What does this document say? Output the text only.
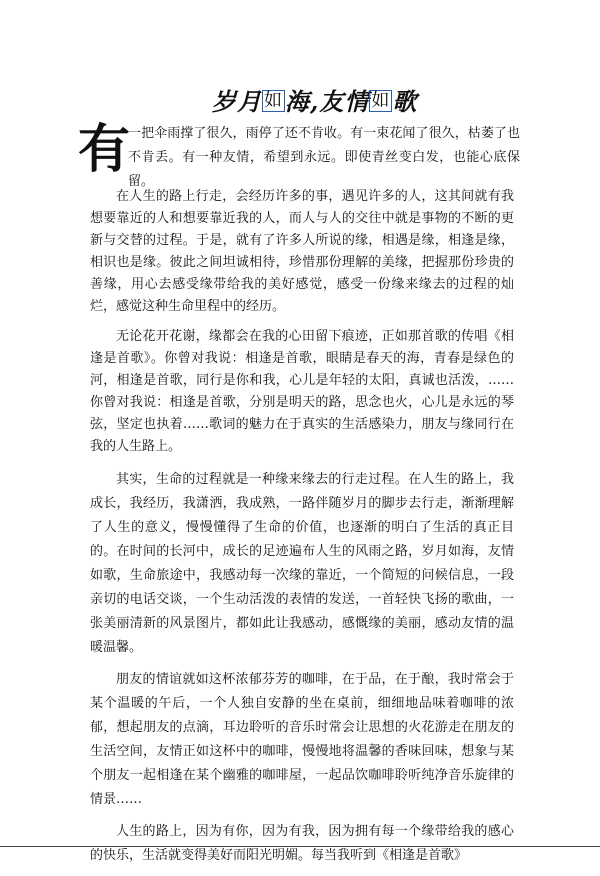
岁月 如海,友情 如歌
有
一把伞雨撑了很久，雨停了还不肯收。有一束花闻了很久，枯萎了也不肯丢。有一种友情，希望到永远。即使青丝变白发，也能心底保留。

在人生的路上行走，会经历许多的事，遇见许多的人，这其间就有我想要靠近的人和想要靠近我的人，而人与人的交往中就是事物的不断的更新与交替的过程。于是，就有了许多人所说的缘，相遇是缘，相逢是缘，相识也是缘。彼此之间坦诚相待，珍惜那份理解的美缘，把握那份珍贵的善缘，用心去感受缘带给我的美好感觉，感受一份缘来缘去的过程的灿烂，感觉这种生命里程中的经历。

无论花开花谢，缘都会在我的心田留下痕迹，正如那首歌的传唱《相逢是首歌》。你曾对我说：相逢是首歌，眼睛是春天的海，青春是绿色的河，相逢是首歌，同行是你和我，心儿是年轻的太阳，真诚也活泼，……你曾对我说：相逢是首歌，分别是明天的路，思念也火，心儿是永远的琴弦，坚定也执着……歌词的魅力在于真实的生活感染力，朋友与缘同行在我的人生路上。

其实，生命的过程就是一种缘来缘去的行走过程。在人生的路上，我成长，我经历，我潇洒，我成熟，一路伴随岁月的脚步去行走，渐渐理解了人生的意义，慢慢懂得了生命的价值，也逐渐的明白了生活的真正目的。在时间的长河中，成长的足迹遍布人生的风雨之路，岁月如海，友情如歌，生命旅途中，我感动每一次缘的靠近，一个简短的问候信息，一段亲切的电话交谈，一个生动活泼的表情的发送，一首轻快飞扬的歌曲，一张美丽清新的风景图片，都如此让我感动，感慨缘的美丽，感动友情的温暖温馨。

朋友的情谊就如这杯浓郁芬芳的咖啡，在于品，在于酿，我时常会于某个温暖的午后，一个人独自安静的坐在桌前，细细地品味着咖啡的浓郁，想起朋友的点滴，耳边聆听的音乐时常会让思想的火花游走在朋友的生活空间，友情正如这杯中的咖啡，慢慢地将温馨的香味回味，想象与某个朋友一起相逢在某个幽雅的咖啡屋，一起品饮咖啡聆听纯净音乐旋律的情景……

人生的路上，因为有你，因为有我，因为拥有每一个缘带给我的感心的快乐，生活就变得美好而阳光明媚。每当我听到《相逢是首歌》
